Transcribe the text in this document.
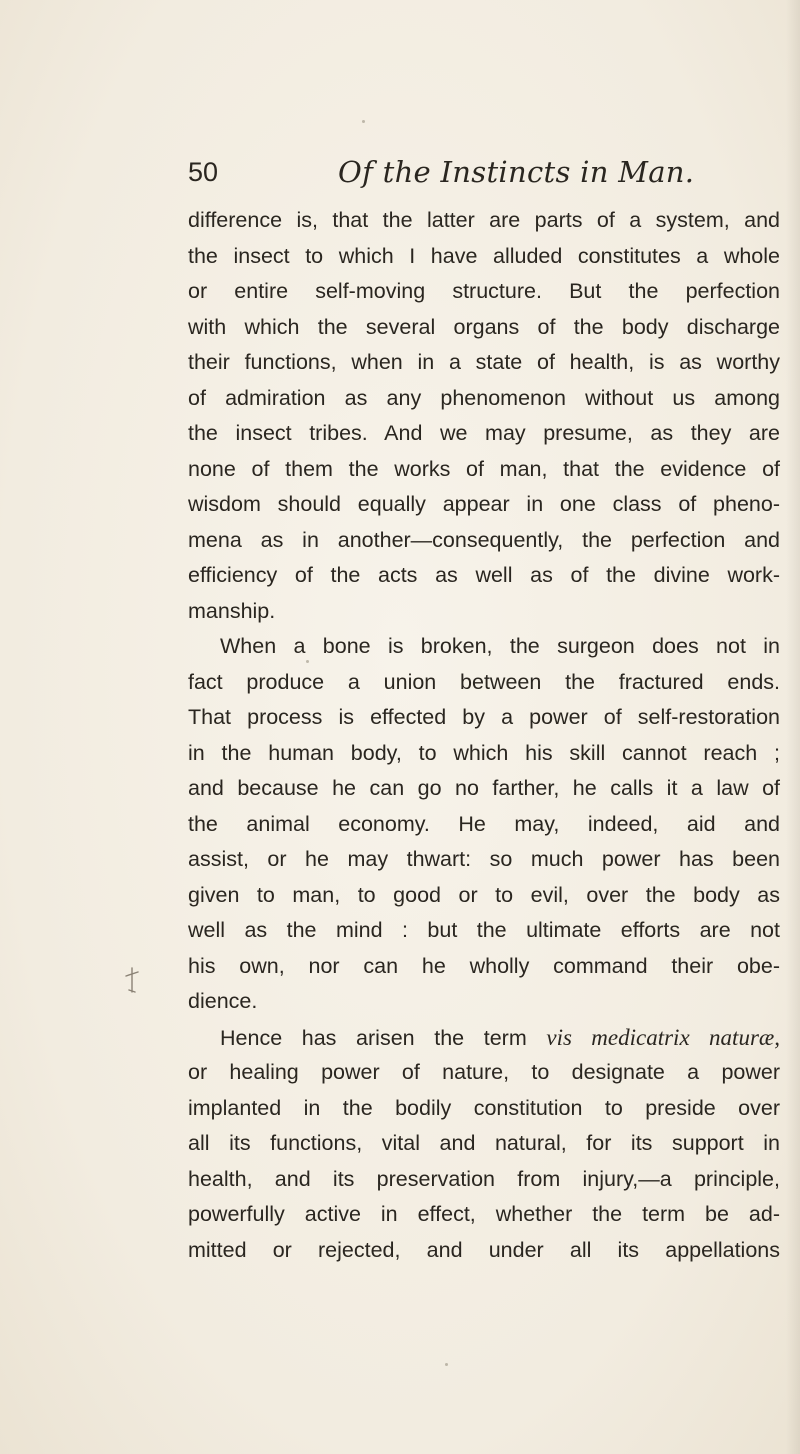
50	Of the Instincts in Man.
difference is, that the latter are parts of a system, and
the insect to which I have alluded constitutes a whole
or entire self-moving structure. But the perfection
with which the several organs of the body discharge
their functions, when in a state of health, is as worthy
of admiration as any phenomenon without us among
the insect tribes. And we may presume, as they are
none of them the works of man, that the evidence of
wisdom should equally appear in one class of pheno-
mena as in another—consequently, the perfection and
efficiency of the acts as well as of the divine work-
manship.
When a bone is broken, the surgeon does not in
fact produce a union between the fractured ends.
That process is effected by a power of self-restoration
in the human body, to which his skill cannot reach ;
and because he can go no farther, he calls it a law of
the animal economy. He may, indeed, aid and
assist, or he may thwart: so much power has been
given to man, to good or to evil, over the body as
well as the mind : but the ultimate efforts are not
his own, nor can he wholly command their obe-
dience.
Hence has arisen the term vis medicatrix naturæ,
or healing power of nature, to designate a power
implanted in the bodily constitution to preside over
all its functions, vital and natural, for its support in
health, and its preservation from injury,—a principle,
powerfully active in effect, whether the term be ad-
mitted or rejected, and under all its appellations
